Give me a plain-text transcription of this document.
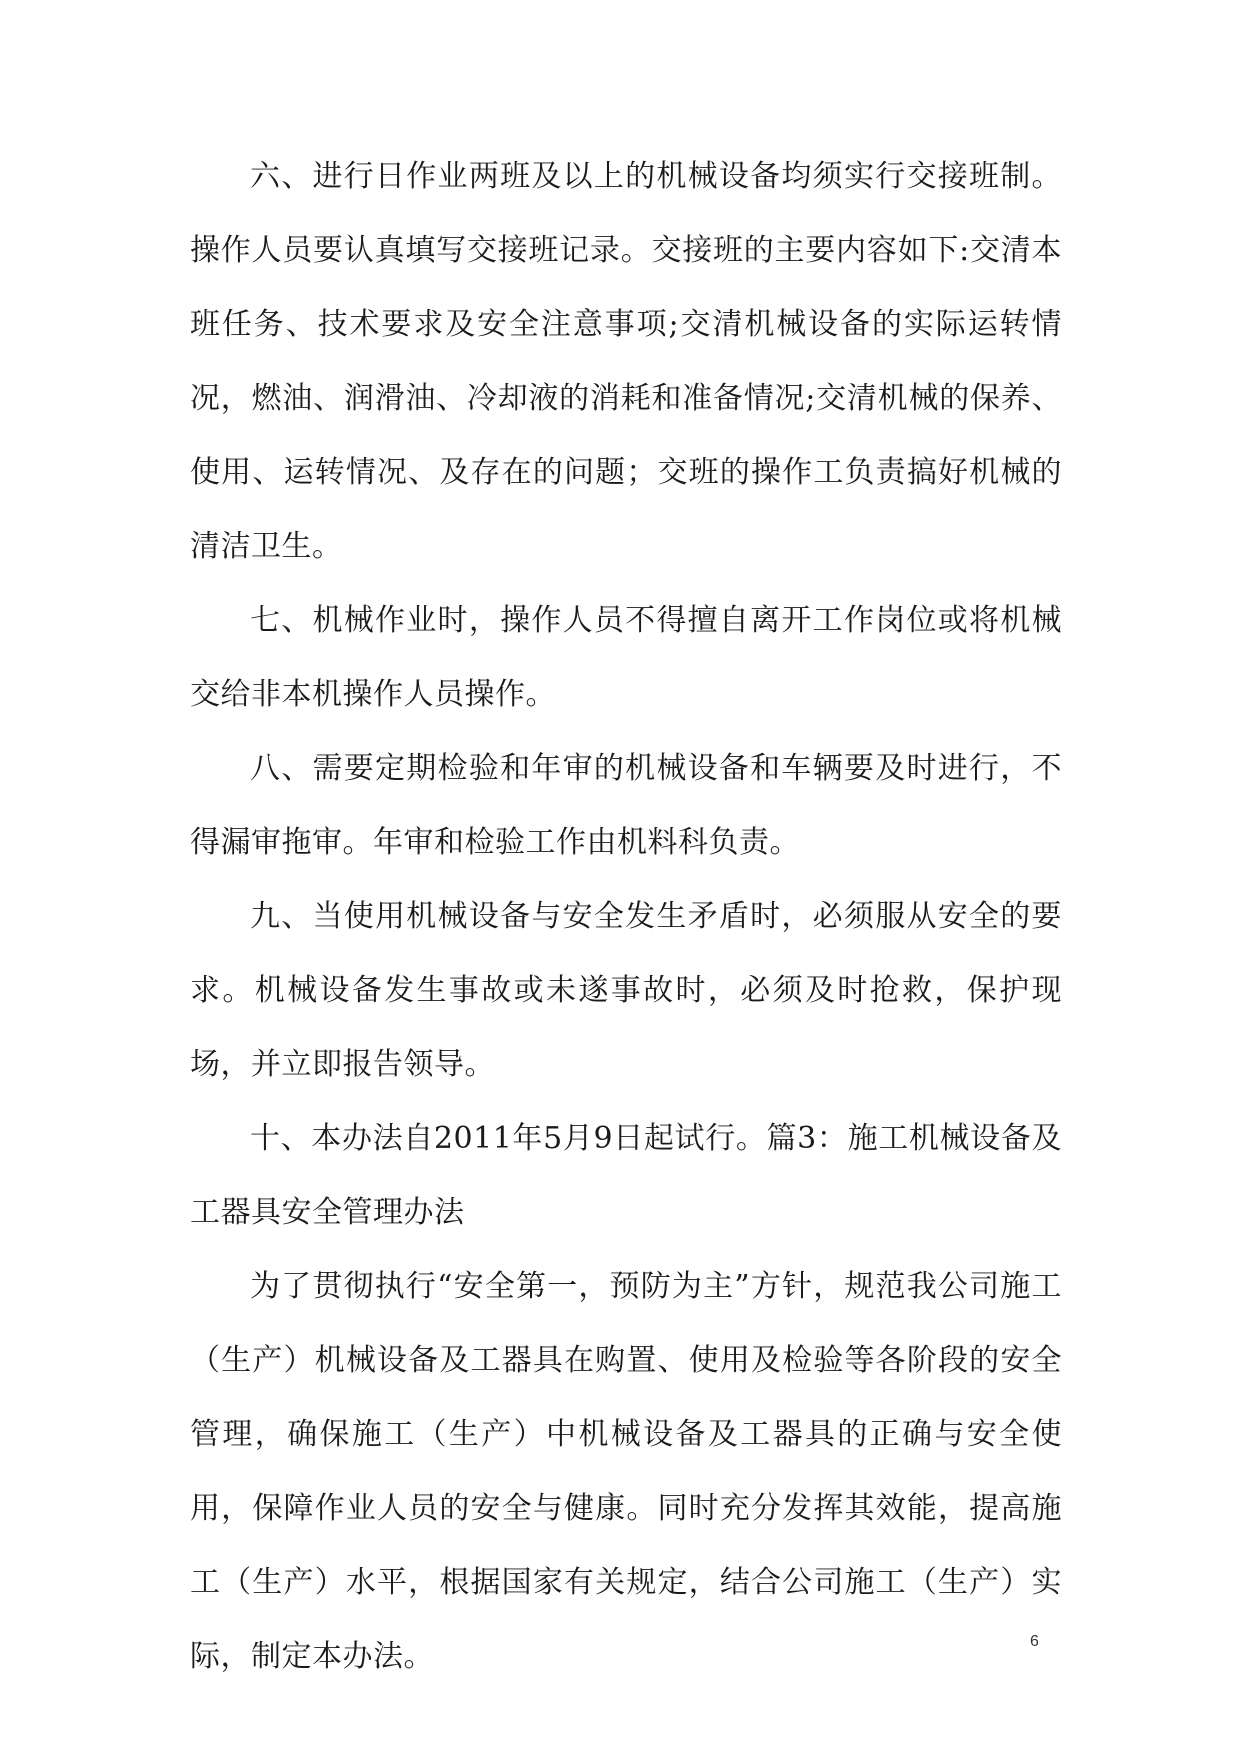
六、进行日作业两班及以上的机械设备均须实行交接班制。操作人员要认真填写交接班记录。交接班的主要内容如下:交清本班任务、技术要求及安全注意事项;交清机械设备的实际运转情况，燃油、润滑油、冷却液的消耗和准备情况;交清机械的保养、使用、运转情况、及存在的问题；交班的操作工负责搞好机械的清洁卫生。

七、机械作业时，操作人员不得擅自离开工作岗位或将机械交给非本机操作人员操作。

八、需要定期检验和年审的机械设备和车辆要及时进行，不得漏审拖审。年审和检验工作由机料科负责。

九、当使用机械设备与安全发生矛盾时，必须服从安全的要求。机械设备发生事故或未遂事故时，必须及时抢救，保护现场，并立即报告领导。

十、本办法自2011年5月9日起试行。篇3：施工机械设备及工器具安全管理办法

为了贯彻执行“安全第一，预防为主”方针，规范我公司施工（生产）机械设备及工器具在购置、使用及检验等各阶段的安全管理，确保施工（生产）中机械设备及工器具的正确与安全使用，保障作业人员的安全与健康。同时充分发挥其效能，提高施工（生产）水平，根据国家有关规定，结合公司施工（生产）实际，制定本办法。	6
